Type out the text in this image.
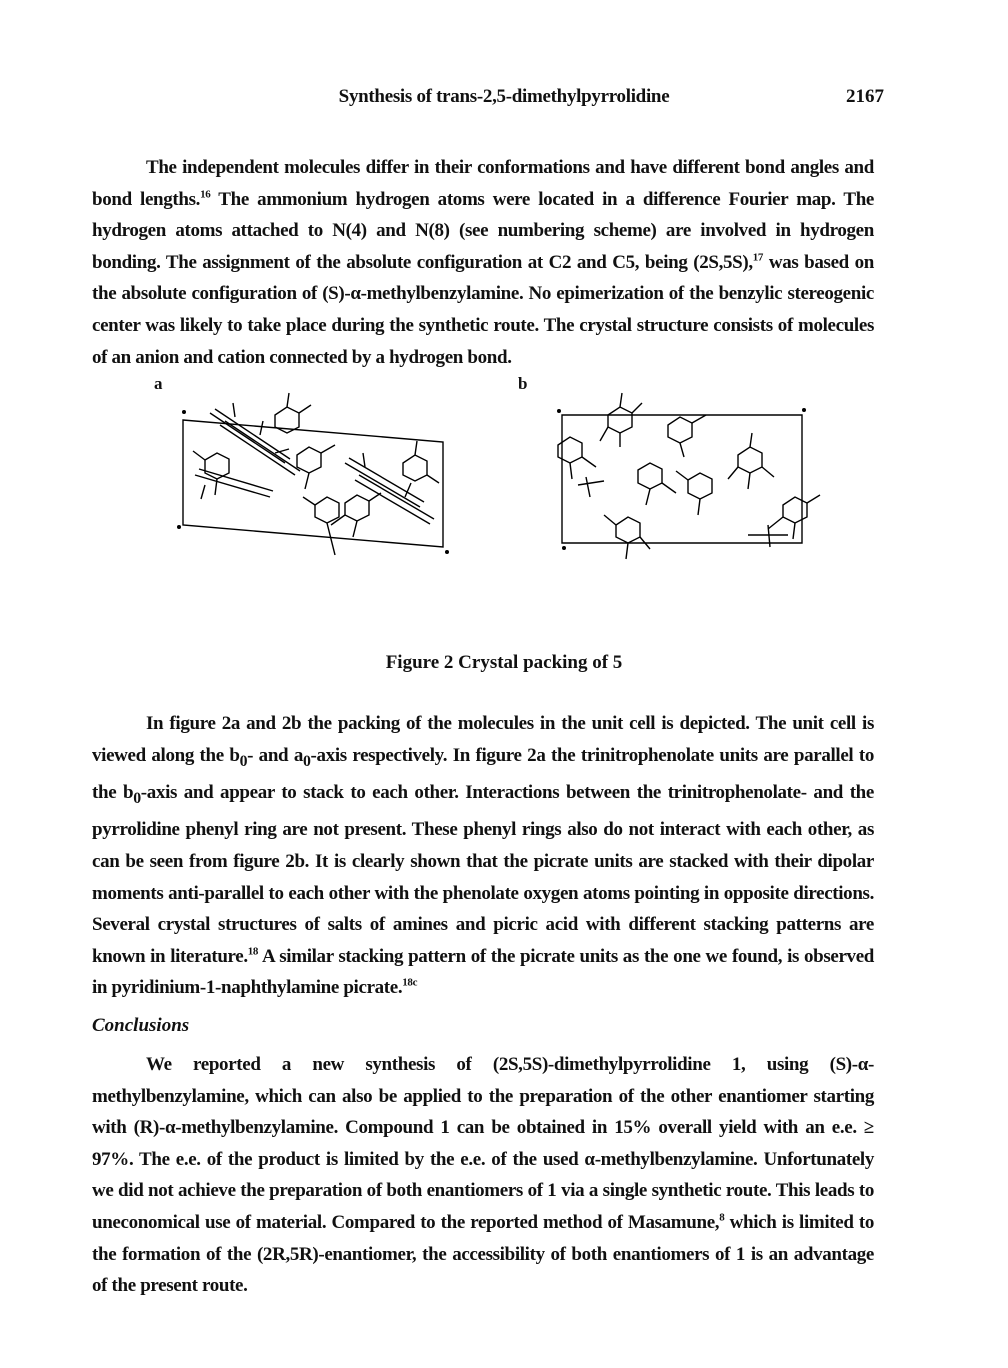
Synthesis of trans-2,5-dimethylpyrrolidine	2167

The independent molecules differ in their conformations and have different bond angles and bond lengths.$^{16}$ The ammonium hydrogen atoms were located in a difference Fourier map. The hydrogen atoms attached to N(4) and N(8) (see numbering scheme) are involved in hydrogen bonding. The assignment of the absolute configuration at C2 and C5, being (2S,5S),$^{17}$ was based on the absolute configuration of (S)-α-methylbenzylamine. No epimerization of the benzylic stereogenic center was likely to take place during the synthetic route. The crystal structure consists of molecules of an anion and cation connected by a hydrogen bond.

a	b
Figure 2 Crystal packing of 5

In figure 2a and 2b the packing of the molecules in the unit cell is depicted. The unit cell is viewed along the $b_0-$ and $a_0$-axis respectively. In figure 2a the trinitrophenolate units are parallel to the $b_0$-axis and appear to stack to each other. Interactions between the trinitrophenolate- and the pyrrolidine phenyl ring are not present. These phenyl rings also do not interact with each other, as can be seen from figure 2b. It is clearly shown that the picrate units are stacked with their dipolar moments anti-parallel to each other with the phenolate oxygen atoms pointing in opposite directions. Several crystal structures of salts of amines and picric acid with different stacking patterns are known in literature.$^{18}$ A similar stacking pattern of the picrate units as the one we found, is observed in pyridinium-1-naphthylamine picrate.$^{18c}$

Conclusions

We reported a new synthesis of (2S,5S)-dimethylpyrrolidine 1, using (S)-α-methylbenzylamine, which can also be applied to the preparation of the other enantiomer starting with (R)-α-methylbenzylamine. Compound 1 can be obtained in 15% overall yield with an e.e. ≥ 97%. The e.e. of the product is limited by the e.e. of the used α-methylbenzylamine. Unfortunately we did not achieve the preparation of both enantiomers of 1 via a single synthetic route. This leads to uneconomical use of material. Compared to the reported method of Masamune,$^8$ which is limited to the formation of the (2R,5R)-enantiomer, the accessibility of both enantiomers of 1 is an advantage of the present route.
